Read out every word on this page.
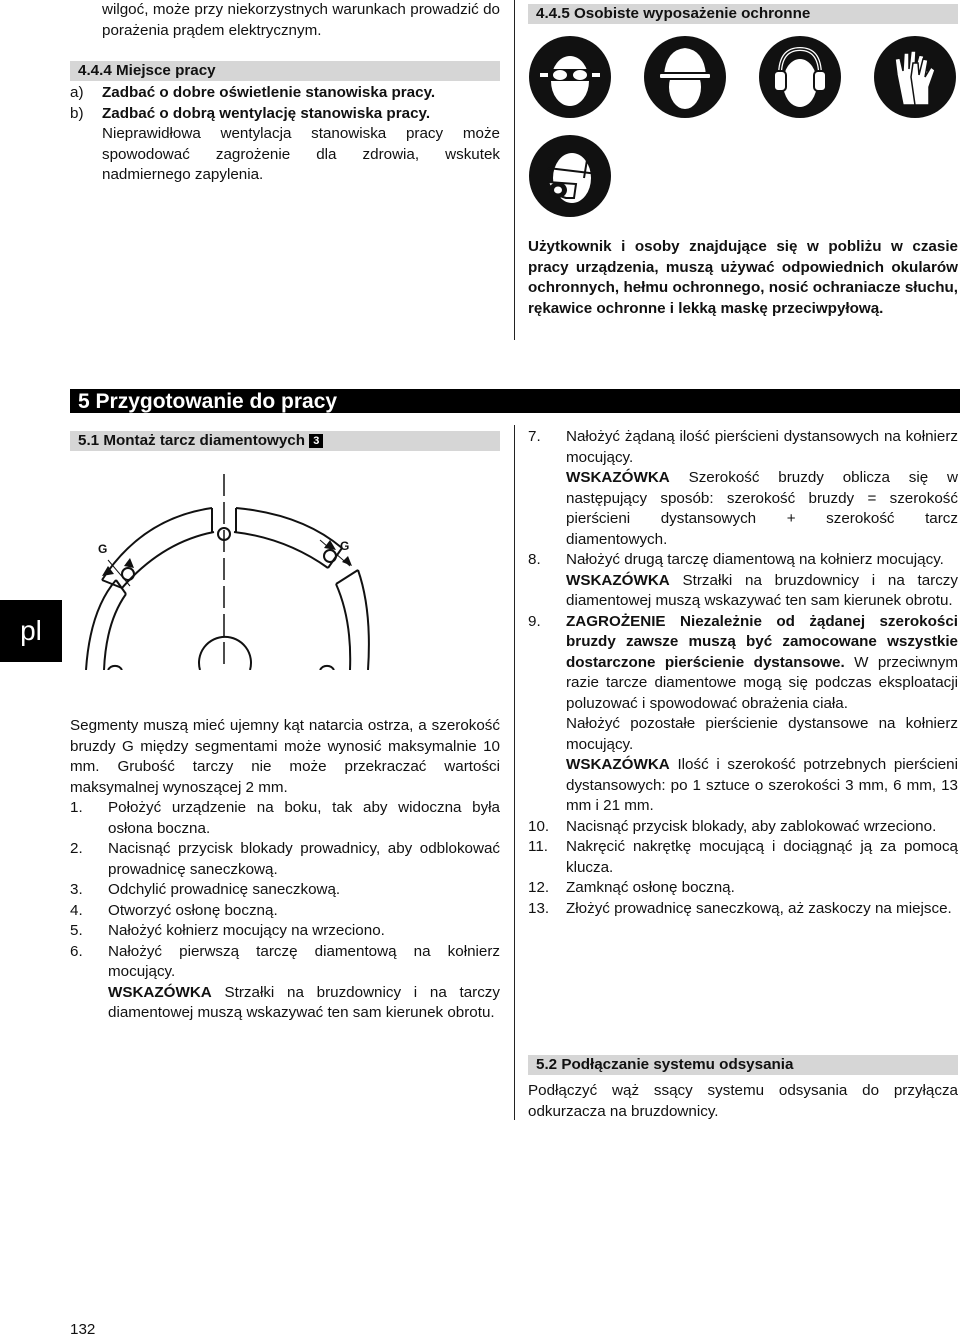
wilgoć, może przy niekorzystnych warunkach prowadzić do porażenia prądem elektrycznym.
4.4.4 Miejsce pracy
a) Zadbać o dobre oświetlenie stanowiska pracy.
b) Zadbać o dobrą wentylację stanowiska pracy.
Nieprawidłowa wentylacja stanowiska pracy może spowodować zagrożenie dla zdrowia, wskutek nadmiernego zapylenia.
4.4.5 Osobiste wyposażenie ochronne
Użytkownik i osoby znajdujące się w pobliżu w czasie pracy urządzenia, muszą używać odpowiednich okularów ochronnych, hełmu ochronnego, nosić ochraniacze słuchu, rękawice ochronne i lekką maskę przeciwpyłową.
5 Przygotowanie do pracy
pl
5.1 Montaż tarcz diamentowych 3
G	G
Segmenty muszą mieć ujemny kąt natarcia ostrza, a szerokość bruzdy G między segmentami może wynosić maksymalnie 10 mm. Grubość tarczy nie może przekraczać wartości maksymalnej wynoszącej 2 mm.
1. Położyć urządzenie na boku, tak aby widoczna była osłona boczna.
2. Nacisnąć przycisk blokady prowadnicy, aby odblokować prowadnicę saneczkową.
3. Odchylić prowadnicę saneczkową.
4. Otworzyć osłonę boczną.
5. Nałożyć kołnierz mocujący na wrzeciono.
6. Nałożyć pierwszą tarczę diamentową na kołnierz mocujący.
WSKAZÓWKA Strzałki na bruzdownicy i na tarczy diamentowej muszą wskazywać ten sam kierunek obrotu.
7. Nałożyć żądaną ilość pierścieni dystansowych na kołnierz mocujący.
WSKAZÓWKA Szerokość bruzdy oblicza się w następujący sposób: szerokość bruzdy = szerokość pierścieni dystansowych + szerokość tarcz diamentowych.
8. Nałożyć drugą tarczę diamentową na kołnierz mocujący.
WSKAZÓWKA Strzałki na bruzdownicy i na tarczy diamentowej muszą wskazywać ten sam kierunek obrotu.
9. ZAGROŻENIE Niezależnie od żądanej szerokości bruzdy zawsze muszą być zamocowane wszystkie dostarczone pierścienie dystansowe. W przeciwnym razie tarcze diamentowe mogą się podczas eksploatacji poluzować i spowodować obrażenia ciała.
Nałożyć pozostałe pierścienie dystansowe na kołnierz mocujący.
WSKAZÓWKA Ilość i szerokość potrzebnych pierścieni dystansowych: po 1 sztuce o szerokości 3 mm, 6 mm, 13 mm i 21 mm.
10. Nacisnąć przycisk blokady, aby zablokować wrzeciono.
11. Nakręcić nakrętkę mocującą i dociągnąć ją za pomocą klucza.
12. Zamknąć osłonę boczną.
13. Złożyć prowadnicę saneczkową, aż zaskoczy na miejsce.
5.2 Podłączanie systemu odsysania
Podłączyć wąż ssący systemu odsysania do przyłącza odkurzacza na bruzdownicy.
132
